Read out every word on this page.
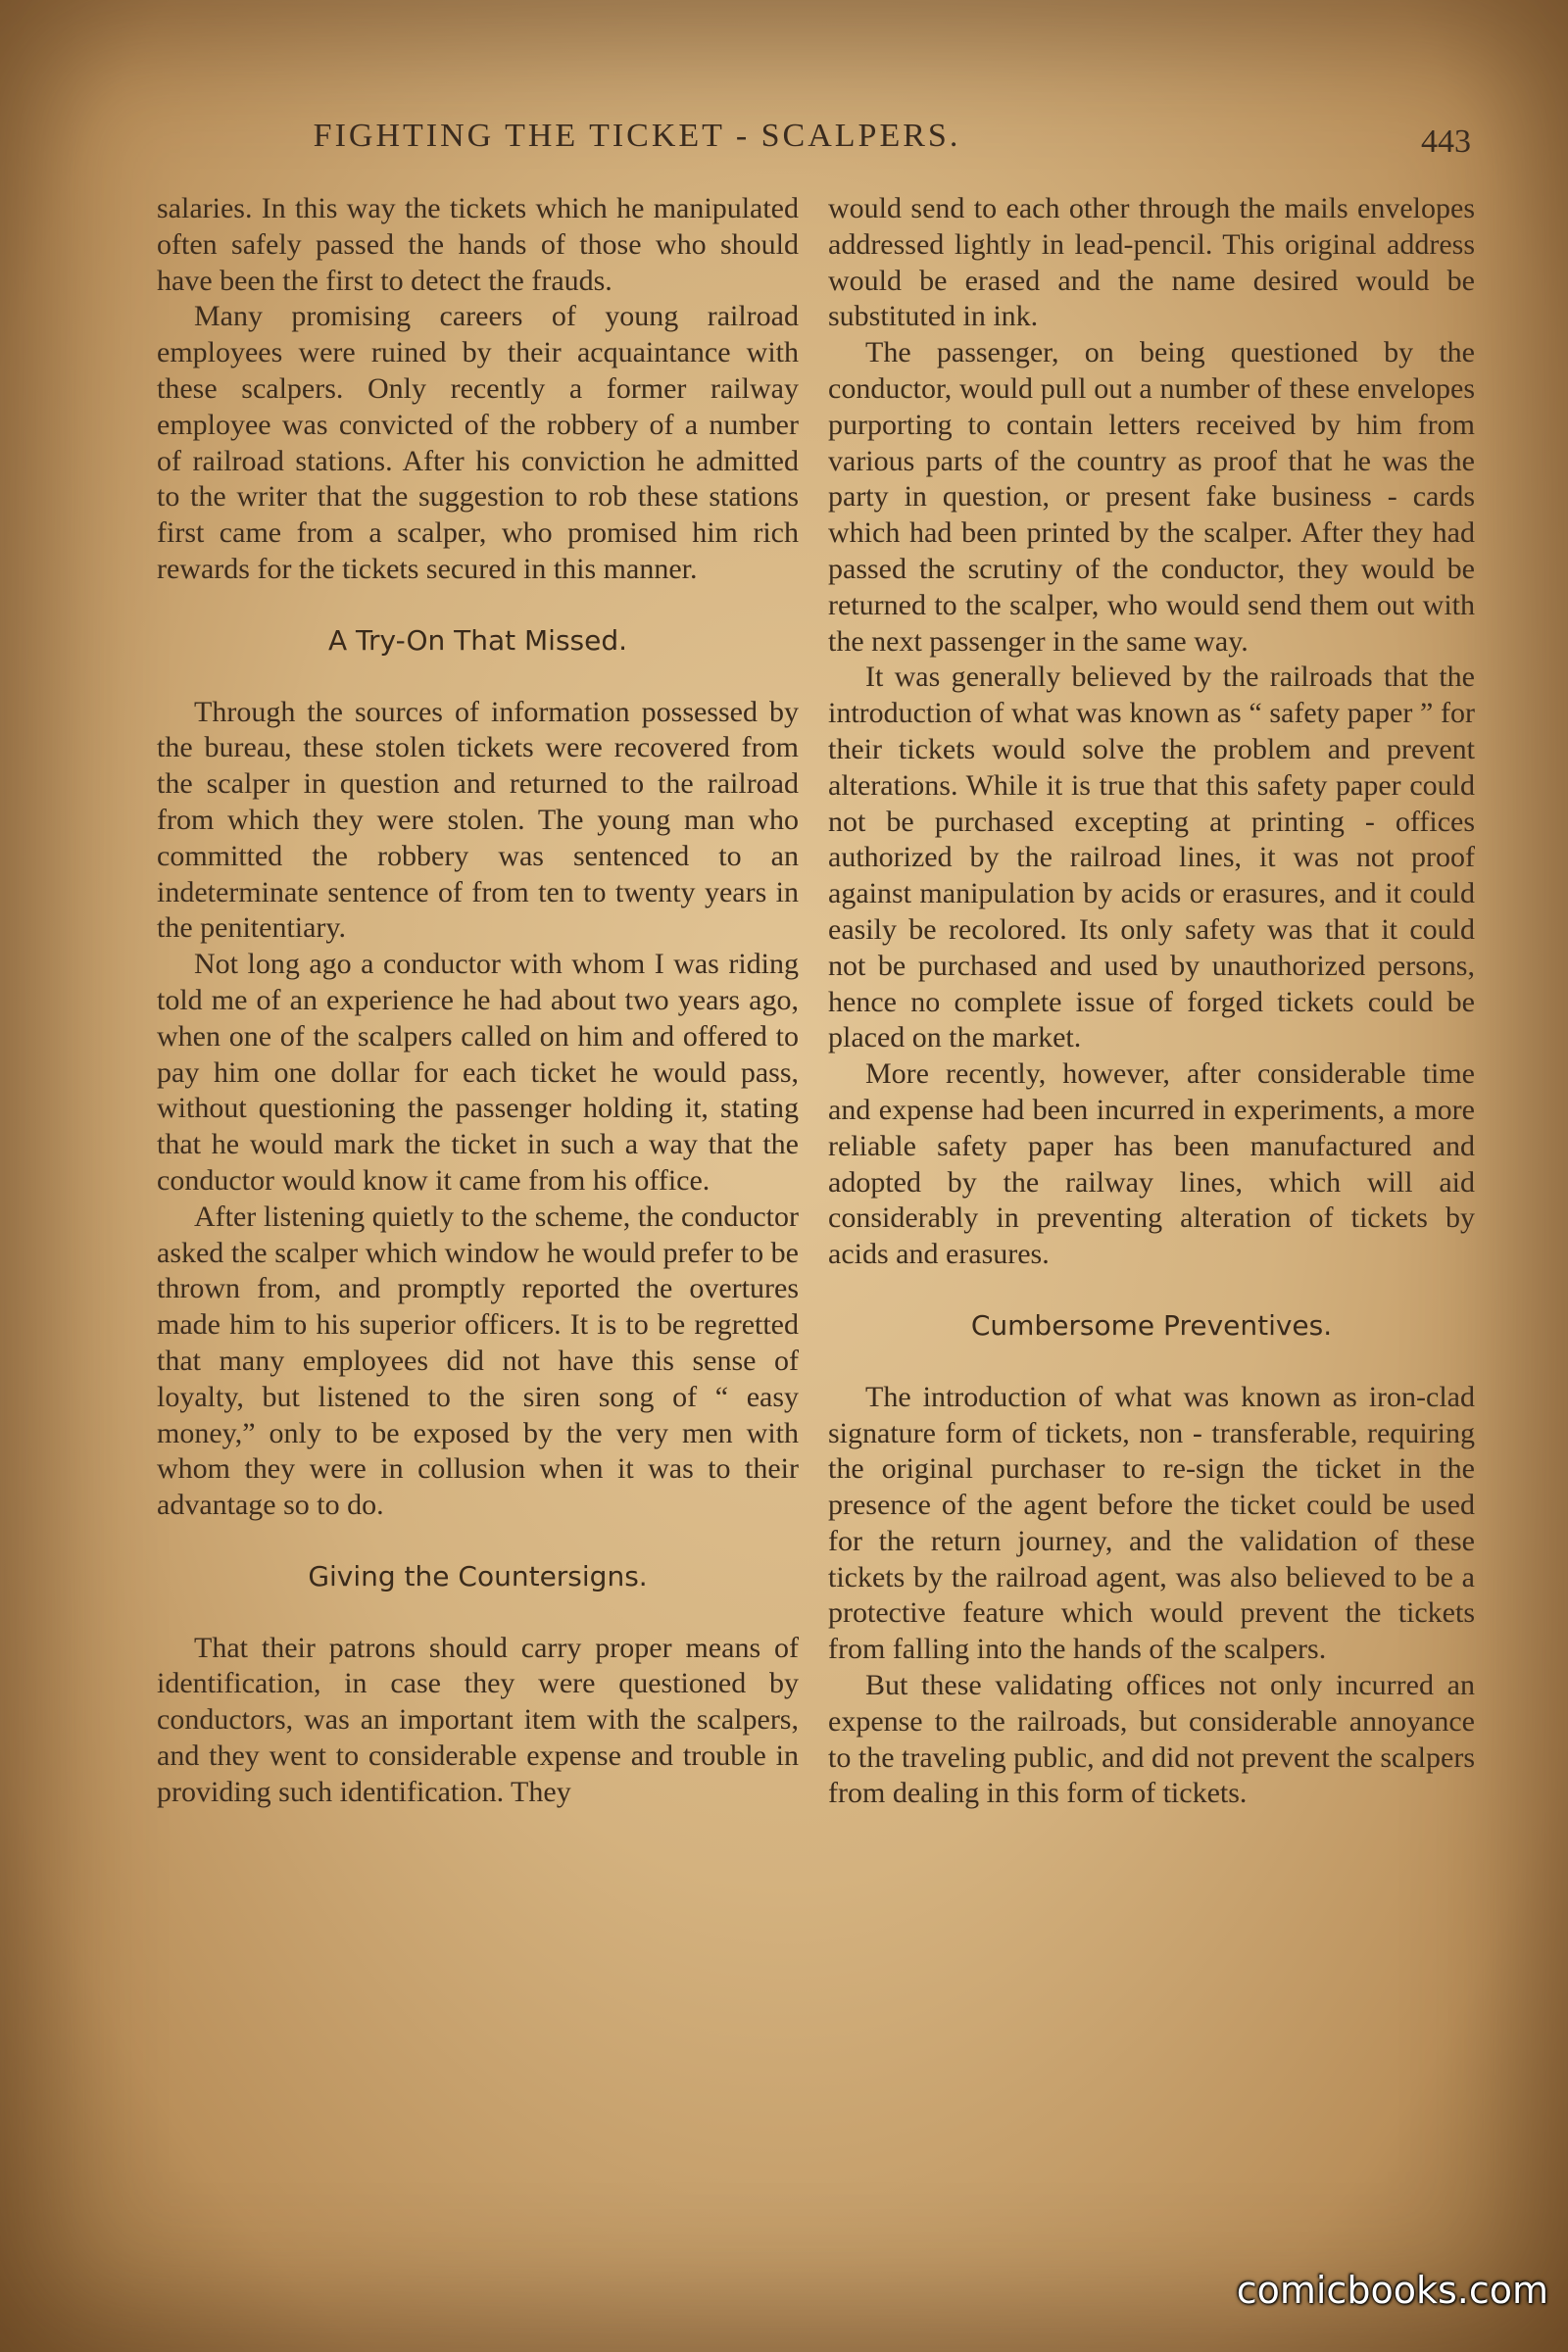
FIGHTING THE TICKET - SCALPERS.	443

salaries. In this way the tickets which he manipulated often safely passed the hands of those who should have been the first to detect the frauds.

Many promising careers of young railroad employees were ruined by their acquaintance with these scalpers. Only recently a former railway employee was convicted of the robbery of a number of railroad stations. After his conviction he admitted to the writer that the suggestion to rob these stations first came from a scalper, who promised him rich rewards for the tickets secured in this manner.

A Try-On That Missed.

Through the sources of information possessed by the bureau, these stolen tickets were recovered from the scalper in question and returned to the railroad from which they were stolen. The young man who committed the robbery was sentenced to an indeterminate sentence of from ten to twenty years in the penitentiary.

Not long ago a conductor with whom I was riding told me of an experience he had about two years ago, when one of the scalpers called on him and offered to pay him one dollar for each ticket he would pass, without questioning the passenger holding it, stating that he would mark the ticket in such a way that the conductor would know it came from his office.

After listening quietly to the scheme, the conductor asked the scalper which window he would prefer to be thrown from, and promptly reported the overtures made him to his superior officers. It is to be regretted that many employees did not have this sense of loyalty, but listened to the siren song of “ easy money,” only to be exposed by the very men with whom they were in collusion when it was to their advantage so to do.

Giving the Countersigns.

That their patrons should carry proper means of identification, in case they were questioned by conductors, was an important item with the scalpers, and they went to considerable expense and trouble in providing such identification. They

would send to each other through the mails envelopes addressed lightly in lead-pencil. This original address would be erased and the name desired would be substituted in ink.

The passenger, on being questioned by the conductor, would pull out a number of these envelopes purporting to contain letters received by him from various parts of the country as proof that he was the party in question, or present fake business - cards which had been printed by the scalper. After they had passed the scrutiny of the conductor, they would be returned to the scalper, who would send them out with the next passenger in the same way.

It was generally believed by the railroads that the introduction of what was known as “ safety paper ” for their tickets would solve the problem and prevent alterations. While it is true that this safety paper could not be purchased excepting at printing - offices authorized by the railroad lines, it was not proof against manipulation by acids or erasures, and it could easily be recolored. Its only safety was that it could not be purchased and used by unauthorized persons, hence no complete issue of forged tickets could be placed on the market.

More recently, however, after considerable time and expense had been incurred in experiments, a more reliable safety paper has been manufactured and adopted by the railway lines, which will aid considerably in preventing alteration of tickets by acids and erasures.

Cumbersome Preventives.

The introduction of what was known as iron-clad signature form of tickets, non - transferable, requiring the original purchaser to re-sign the ticket in the presence of the agent before the ticket could be used for the return journey, and the validation of these tickets by the railroad agent, was also believed to be a protective feature which would prevent the tickets from falling into the hands of the scalpers.

But these validating offices not only incurred an expense to the railroads, but considerable annoyance to the traveling public, and did not prevent the scalpers from dealing in this form of tickets.

comicbooks.com
